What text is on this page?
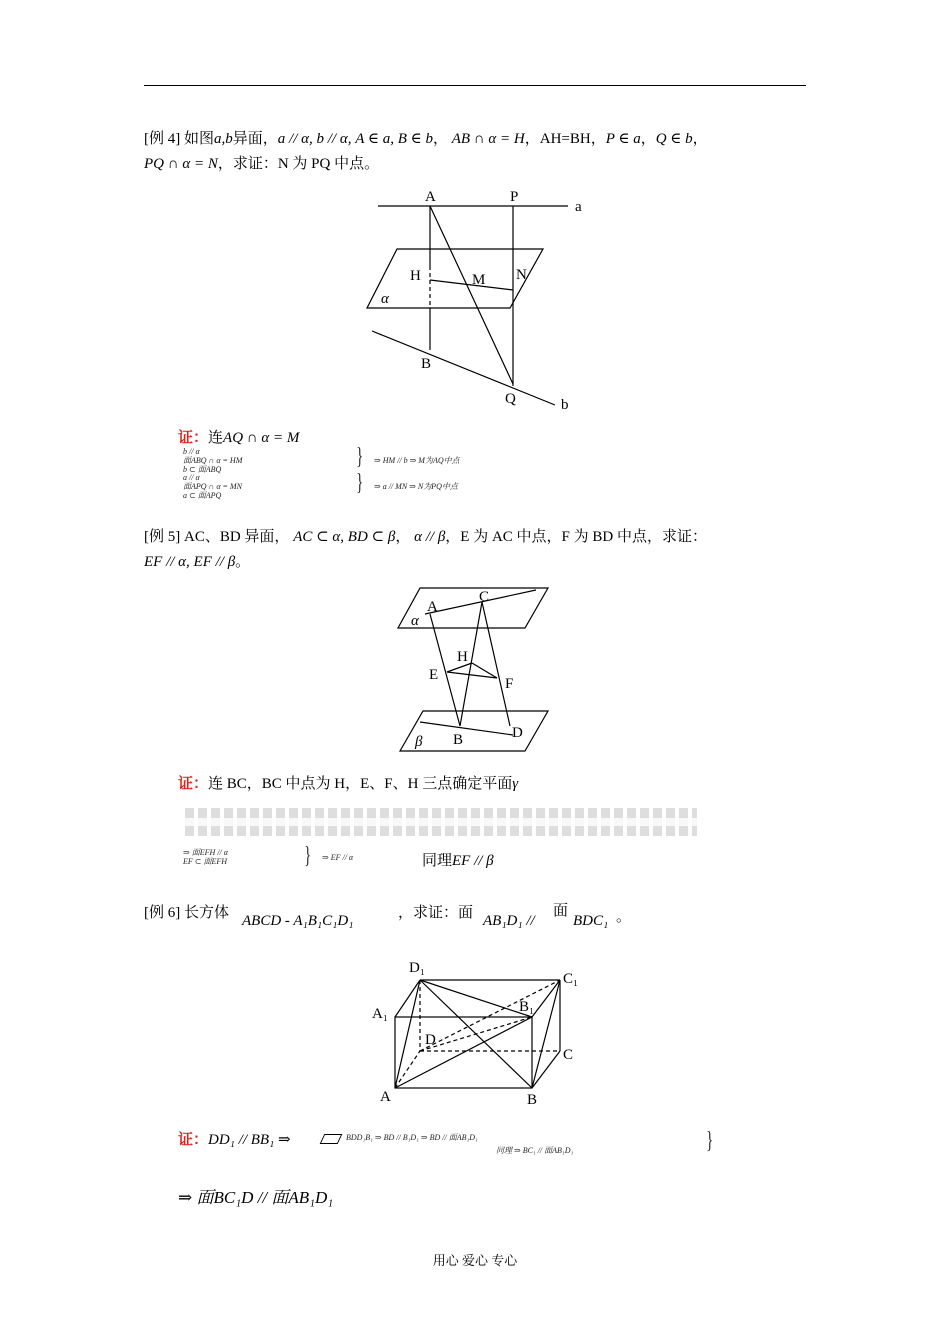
[例 4] 如图a,b异面，a // α, b // α, A ∈ a, B ∈ b， AB ∩ α = H，AH=BH，P ∈ a，Q ∈ b，
PQ ∩ α = N，求证：N 为 PQ 中点。
A	P
a
H	M N
α
B
Q	b
证：连AQ ∩ α = M
b // α
面ABQ ∩ α = HM
b ⊂ 面ABQ	} ⇒ HM // b ⇒ M为AQ中点
a // α
面APQ ∩ α = MN
a ⊂ 面APQ	} ⇒ a // MN ⇒ N为PQ中点
[例 5] AC、BD 异面， AC ⊂ α, BD ⊂ β， α // β，E 为 AC 中点，F 为 BD 中点，求证：
EF // α, EF // β。
A
C
α
H
E
F
β B	D
证：连 BC，BC 中点为 H，E、F、H 三点确定平面γ
⇒ 面EFH // α
EF ⊂ 面EFH	} ⇒ EF // α	同理EF // β
[例 6] 长方体 ABCD - A₁B₁C₁D₁	，求证：面 AB₁D₁ //
面
BDC₁ 。
D₁
C₁
A₁	B₁
D
C
A	B
证：DD₁ // BB₁ ⇒	BDD₁B₁ ⇒ BD // B₁D₁ ⇒ BD // 面AB₁D₁
同理 ⇒ BC₁ // 面AB₁D₁	}
⇒ 面BC₁D // 面AB₁D₁
用心 爱心 专心
